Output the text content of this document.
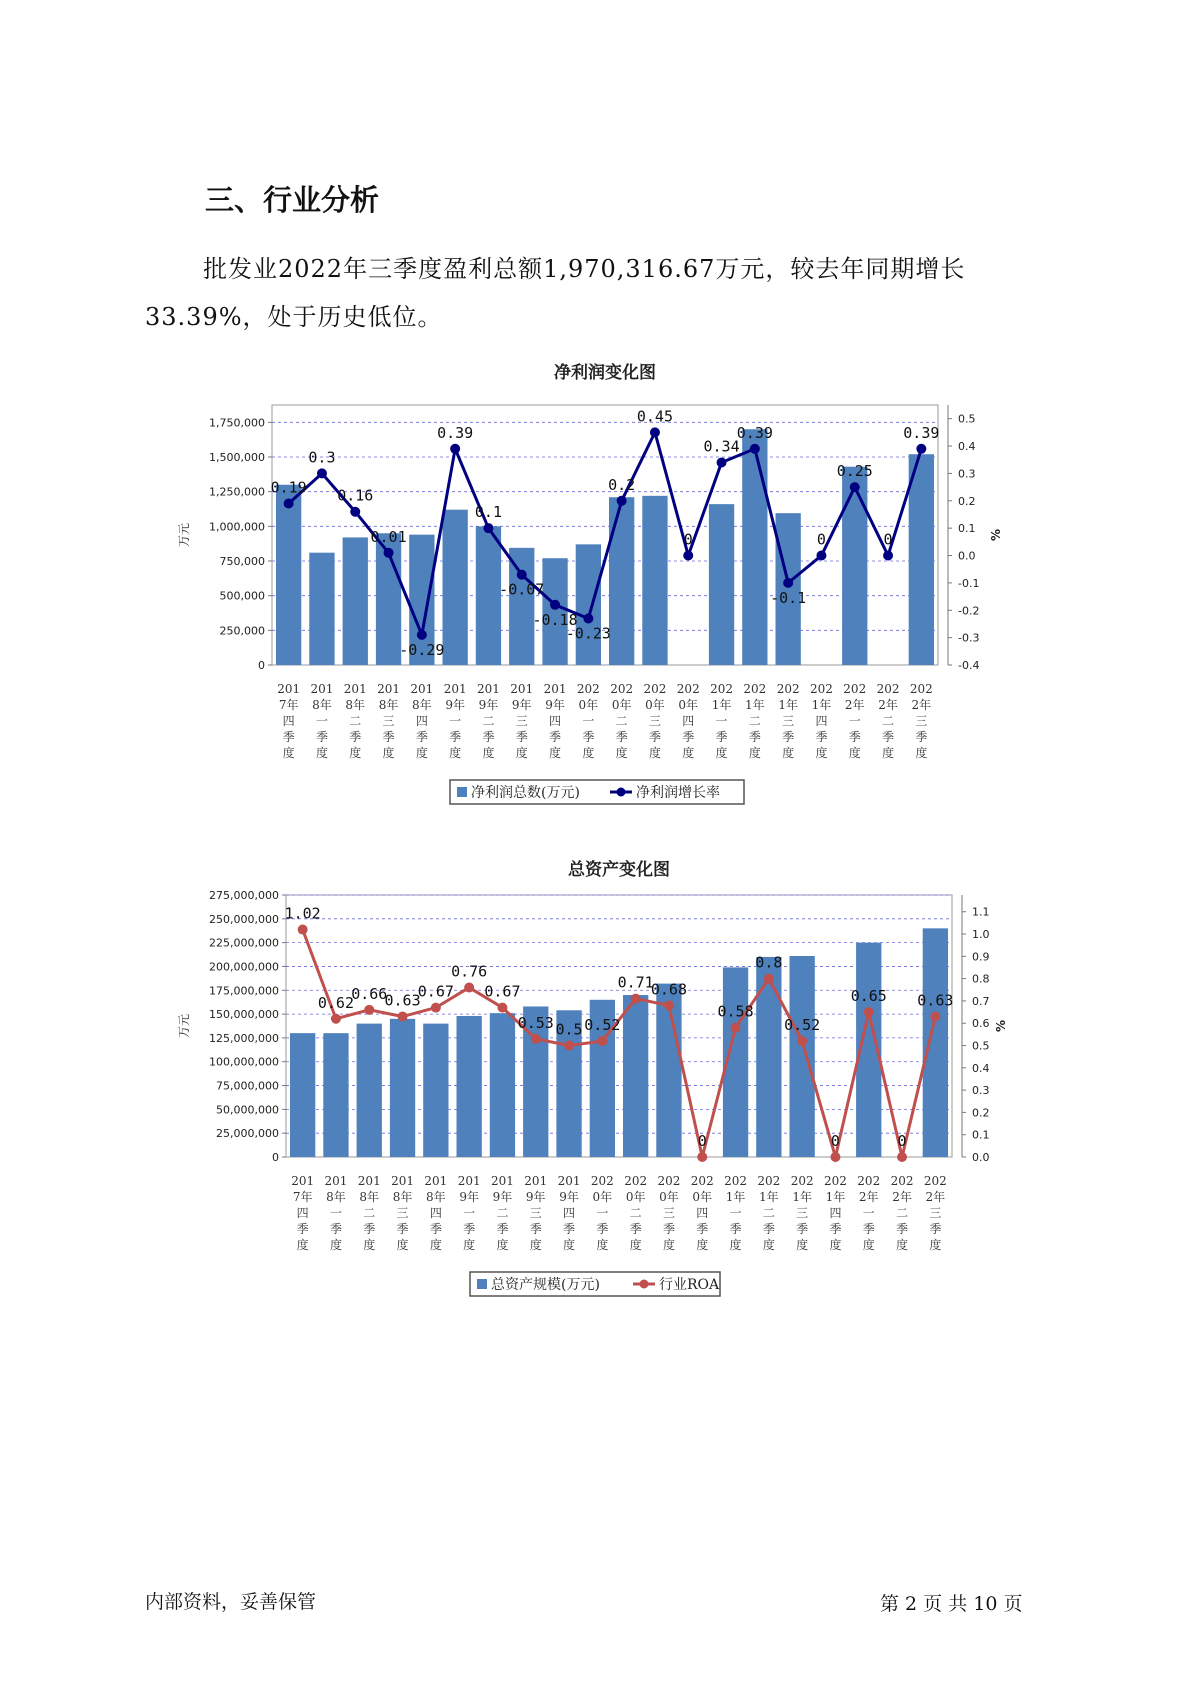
三、行业分析

批发业2022年三季度盈利总额1,970,316.67万元，较去年同期增长33.39%，处于历史低位。

净利润变化图
0
250,000
500,000
750,000
1,000,000
1,250,000
1,500,000
1,750,000
-0.4
-0.3
-0.2
-0.1
0.0
0.1
0.2
0.3
0.4
0.5
万元	%
0.19
0.3
0.16
0.01
-0.29
0.39
0.1
-0.07
-0.18
-0.23
0.2
0.45
0
0.34
0.39
-0.1
0
0.25
0
0.39
201
7年
四
季
度
201
8年
一
季
度
201
8年
二
季
度
201
8年
三
季
度
201
8年
四
季
度
201
9年
一
季
度
201
9年
二
季
度
201
9年
三
季
度
201
9年
四
季
度
202
0年
一
季
度
202
0年
二
季
度
202
0年
三
季
度
202
0年
四
季
度
202
1年
一
季
度
202
1年
二
季
度
202
1年
三
季
度
202
1年
四
季
度
202
2年
一
季
度
202
2年
二
季
度
202
2年
三
季
度
净利润总数(万元)	净利润增长率
总资产变化图
0
25,000,000
50,000,000
75,000,000
100,000,000
125,000,000
150,000,000
175,000,000
200,000,000
225,000,000
250,000,000
275,000,000
0.0
0.1
0.2
0.3
0.4
0.5
0.6
0.7
0.8
0.9
1.0
1.1
万元	%
1.02
0.62
0.66
0.63
0.67
0.76
0.67
0.53 0.5 0.52
0.71
0.68
0
0.58
0.8
0.52
0
0.65
0
0.63
201
7年
四
季
度
201
8年
一
季
度
201
8年
二
季
度
201
8年
三
季
度
201
8年
四
季
度
201
9年
一
季
度
201
9年
二
季
度
201
9年
三
季
度
201
9年
四
季
度
202
0年
一
季
度
202
0年
二
季
度
202
0年
三
季
度
202
0年
四
季
度
202
1年
一
季
度
202
1年
二
季
度
202
1年
三
季
度
202
1年
四
季
度
202
2年
一
季
度
202
2年
二
季
度
202
2年
三
季
度
总资产规模(万元)	行业ROA
内部资料，妥善保管	第 2 页 共 10 页
